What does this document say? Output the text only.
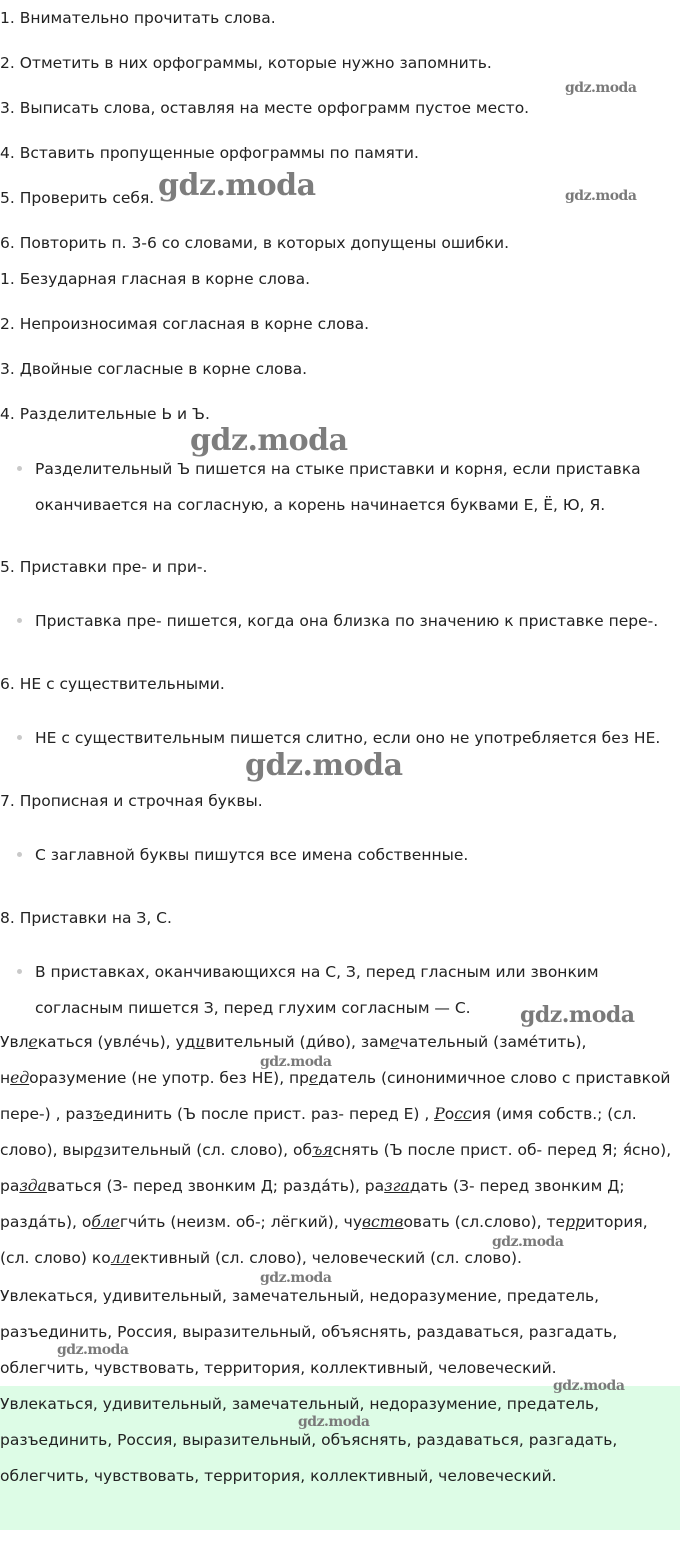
1. Внимательно прочитать слова.
2. Отметить в них орфограммы, которые нужно запомнить.
3. Выписать слова, оставляя на месте орфограмм пустое место.
4. Вставить пропущенные орфограммы по памяти.
5. Проверить себя.
6. Повторить п. 3-6 со словами, в которых допущены ошибки.
1. Безударная гласная в корне слова.
2. Непроизносимая согласная в корне слова.
3. Двойные согласные в корне слова.
4. Разделительные Ь и Ъ.
Разделительный Ъ пишется на стыке приставки и корня, если приставка оканчивается на согласную, а корень начинается буквами Е, Ё, Ю, Я.
5. Приставки пре- и при-.
Приставка пре- пишется, когда она близка по значению к приставке пере-.
6. НЕ с существительными.
НЕ с существительным пишется слитно, если оно не употребляется без НЕ.
7. Прописная и строчная буквы.
С заглавной буквы пишутся все имена собственные.
8. Приставки на З, С.
В приставках, оканчивающихся на С, З, перед гласным или звонким согласным пишется З, перед глухим согласным — С.
Увлекаться (увле́чь), удивительный (ди́во), замечательный (заме́тить), недоразумение (не употр. без НЕ), предатель (синонимичное слово с приставкой пере-) , разъединить (Ъ после прист. раз- перед Е) , Россия (имя собств.; (сл. слово), выразительный (сл. слово), объяснять (Ъ после прист. об- перед Я; я́сно), раздаваться (З- перед звонким Д; разда́ть), разгадать (З- перед звонким Д; разда́ть), облегчи́ть (неизм. об-; лёгкий), чувствовать (сл.слово), территория, (сл. слово) коллективный (сл. слово), человеческий (сл. слово).
Увлекаться, удивительный, замечательный, недоразумение, предатель, разъединить, Россия, выразительный, объяснять, раздаваться, разгадать, облегчить, чувствовать, территория, коллективный, человеческий.
Увлекаться, удивительный, замечательный, недоразумение, предатель, разъединить, Россия, выразительный, объяснять, раздаваться, разгадать, облегчить, чувствовать, территория, коллективный, человеческий.
gdz.moda
gdz.moda	gdz.moda
gdz.moda
gdz.moda
gdz.moda
gdz.moda
gdz.moda
gdz.moda
gdz.moda
gdz.moda
gdz.moda
